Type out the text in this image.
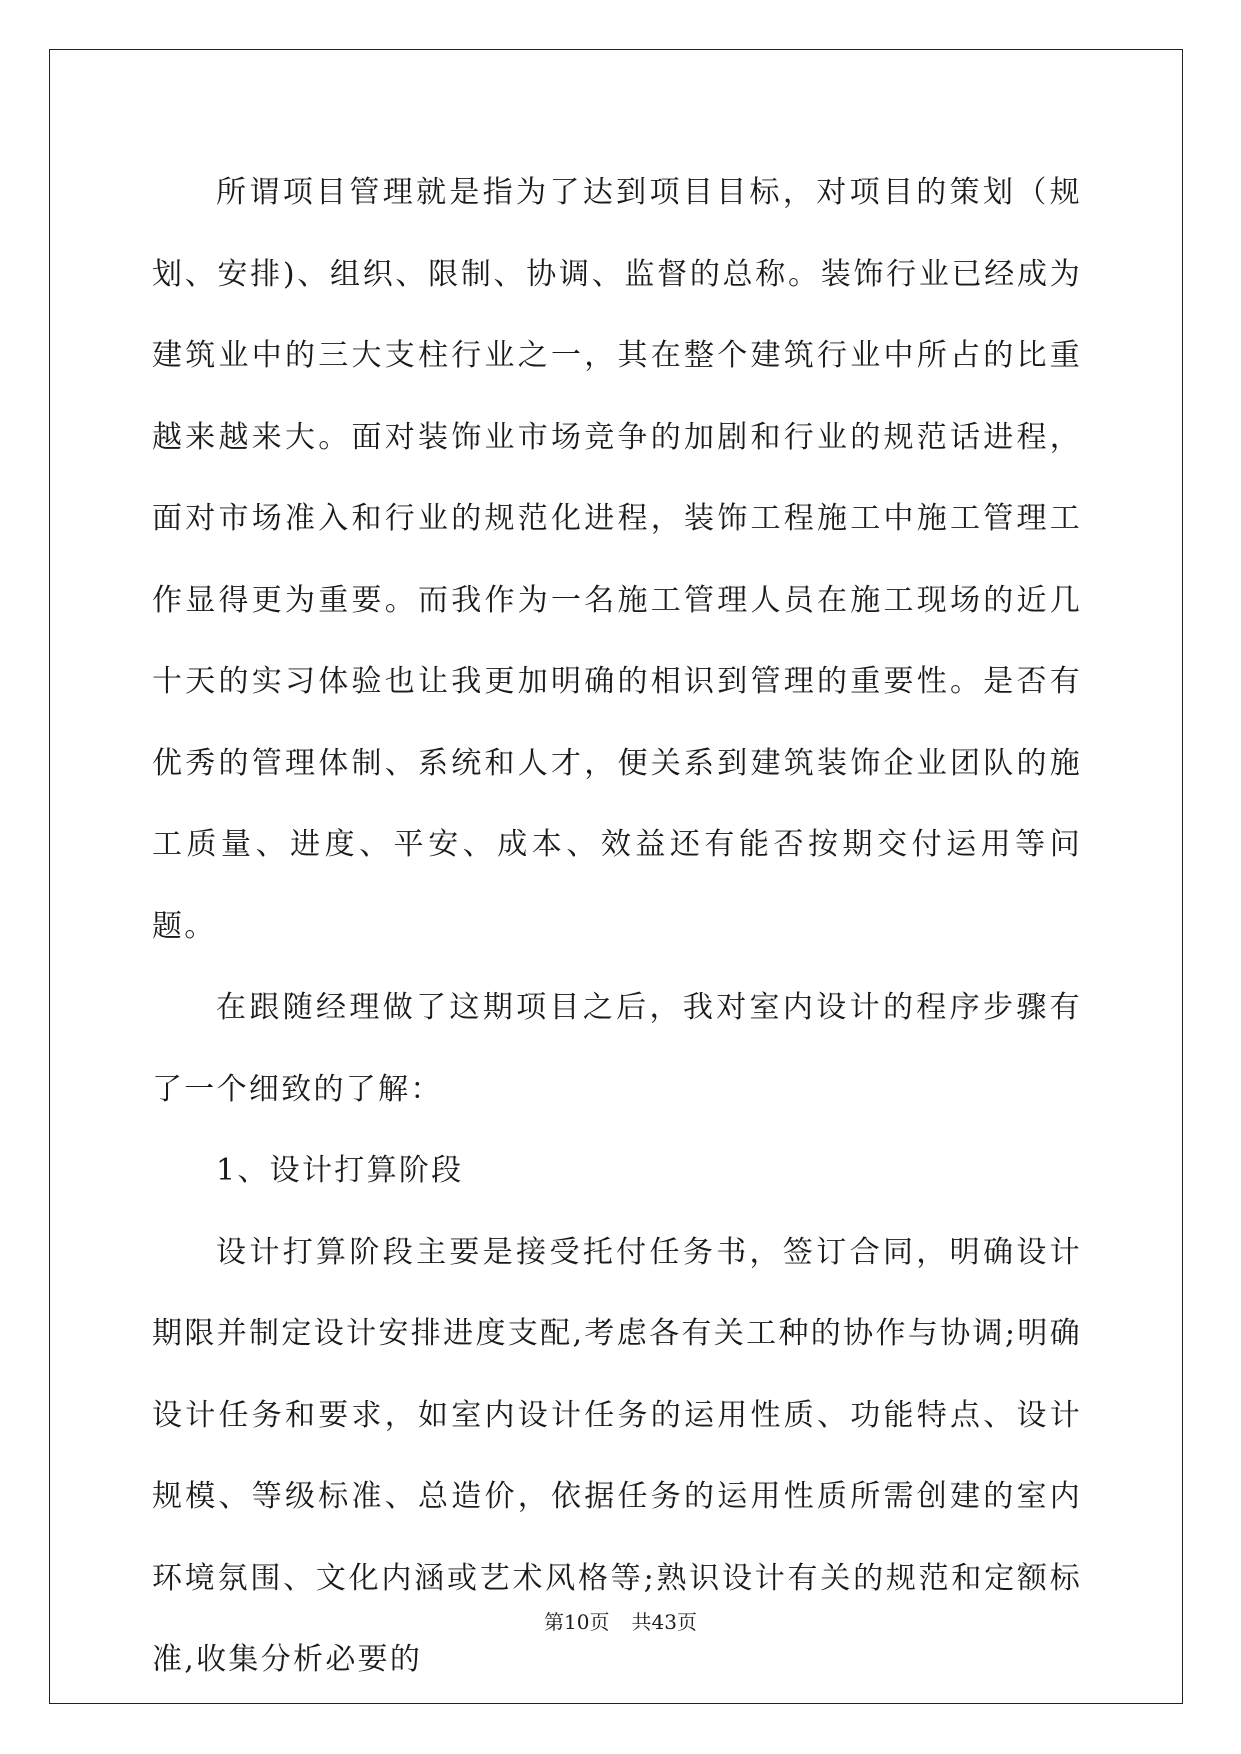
所谓项目管理就是指为了达到项目目标，对项目的策划（规划、安排)、组织、限制、协调、监督的总称。装饰行业已经成为建筑业中的三大支柱行业之一，其在整个建筑行业中所占的比重越来越来大。面对装饰业市场竞争的加剧和行业的规范话进程，面对市场准入和行业的规范化进程，装饰工程施工中施工管理工作显得更为重要。而我作为一名施工管理人员在施工现场的近几十天的实习体验也让我更加明确的相识到管理的重要性。是否有优秀的管理体制、系统和人才，便关系到建筑装饰企业团队的施工质量、进度、平安、成本、效益还有能否按期交付运用等问题。

在跟随经理做了这期项目之后，我对室内设计的程序步骤有了一个细致的了解：

1、设计打算阶段

设计打算阶段主要是接受托付任务书，签订合同，明确设计期限并制定设计安排进度支配,考虑各有关工种的协作与协调;明确设计任务和要求，如室内设计任务的运用性质、功能特点、设计规模、等级标准、总造价，依据任务的运用性质所需创建的室内环境氛围、文化内涵或艺术风格等;熟识设计有关的规范和定额标准,收集分析必要的

第10页 共43页
